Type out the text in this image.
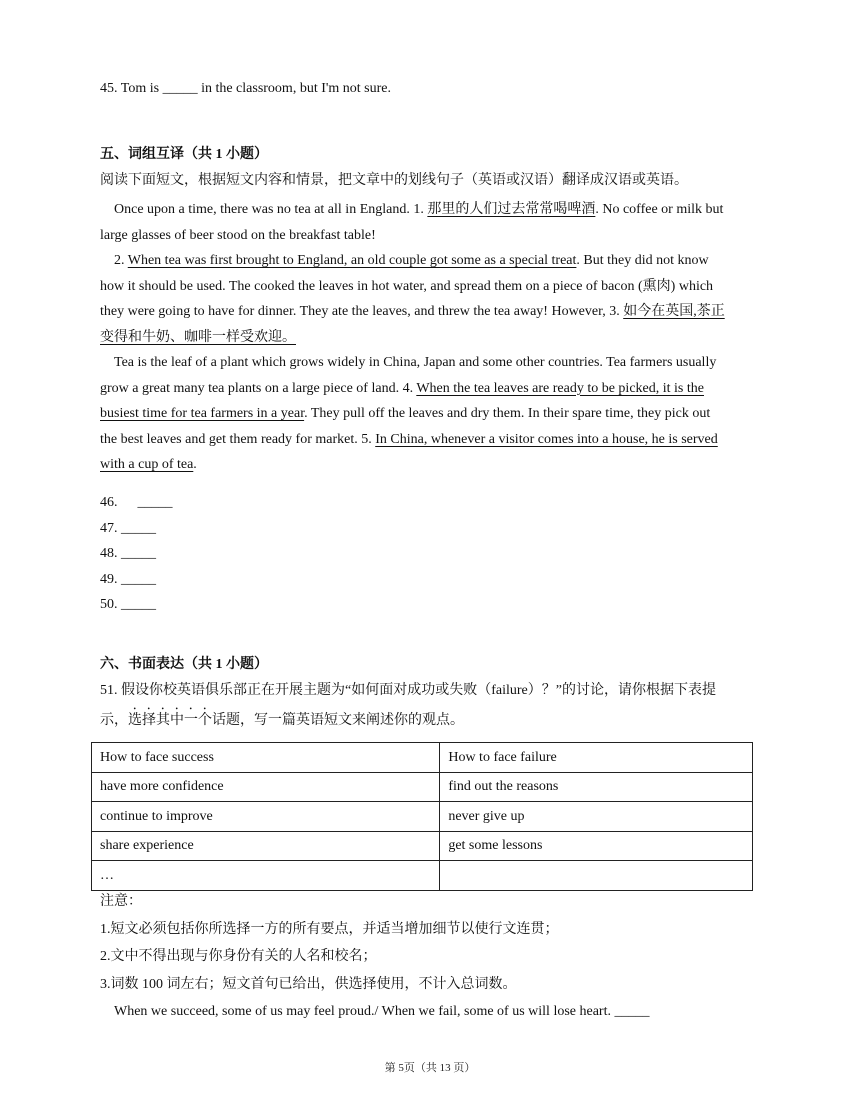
45. Tom is _____ in the classroom, but I'm not sure.
五、词组互译（共 1 小题）
阅读下面短文，根据短文内容和情景，把文章中的划线句子（英语或汉语）翻译成汉语或英语。
Once upon a time, there was no tea at all in England. 1. 那里的人们过去常常喝啤酒. No coffee or milk but
large glasses of beer stood on the breakfast table!
2. When tea was first brought to England, an old couple got some as a special treat. But they did not know
how it should be used. The cooked the leaves in hot water, and spread them on a piece of bacon (熏肉) which
they were going to have for dinner. They ate the leaves, and threw the tea away! However, 3. 如今在英国,茶正
变得和牛奶、咖啡一样受欢迎。
Tea is the leaf of a plant which grows widely in China, Japan and some other countries. Tea farmers usually
grow a great many tea plants on a large piece of land. 4. When the tea leaves are ready to be picked, it is the
busiest time for tea farmers in a year. They pull off the leaves and dry them. In their spare time, they pick out
the best leaves and get them ready for market. 5. In China, whenever a visitor comes into a house, he is served
with a cup of tea.
46. _____
47. _____
48. _____
49. _____
50. _____
六、书面表达（共 1 小题）
51. 假设你校英语俱乐部正在开展主题为“如何面对成功或失败（failure）？”的讨论，请你根据下表提
示，选择其中一个话题，写一篇英语短文来阐述你的观点。
How to face success	How to face failure
have more confidence	find out the reasons
continue to improve	never give up
share experience	get some lessons
…	
注意：
1.短文必须包括你所选择一方的所有要点，并适当增加细节以使行文连贯；
2.文中不得出现与你身份有关的人名和校名；
3.词数 100 词左右；短文首句已给出，供选择使用，不计入总词数。
When we succeed, some of us may feel proud./ When we fail, some of us will lose heart. _____
第 5页（共 13 页）
